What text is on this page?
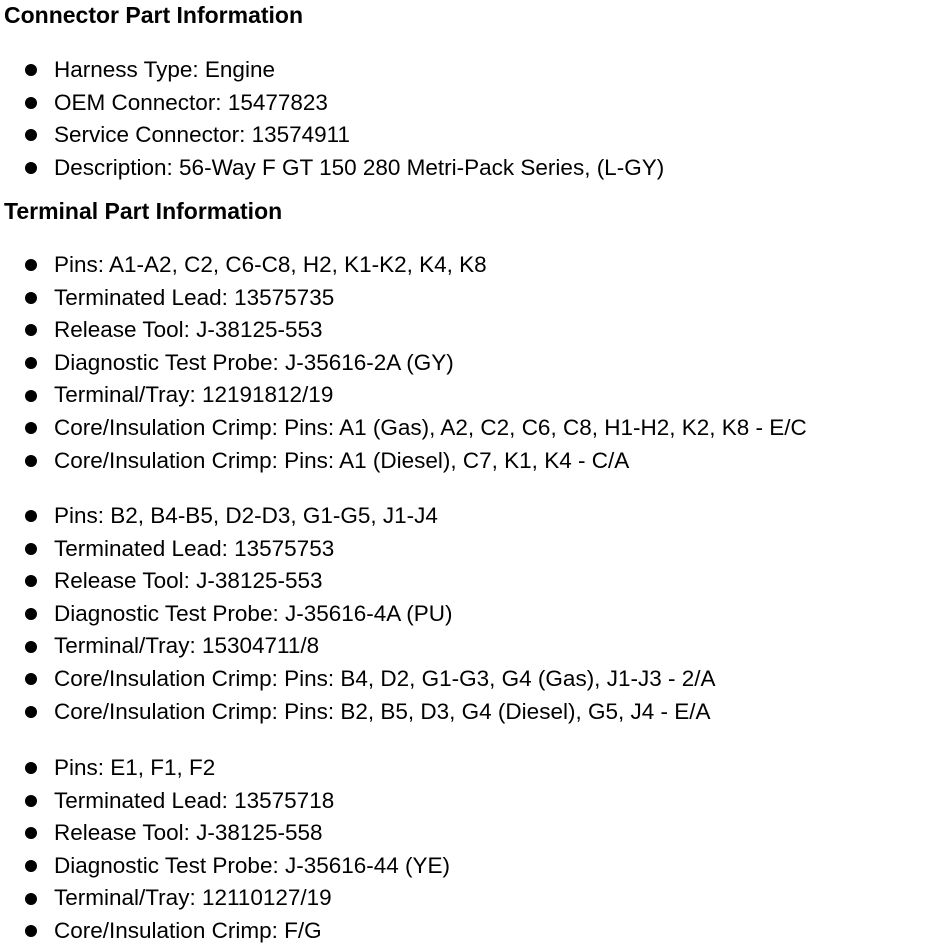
Connector Part Information
Harness Type: Engine
OEM Connector: 15477823
Service Connector: 13574911
Description: 56-Way F GT 150 280 Metri-Pack Series, (L-GY)
Terminal Part Information
Pins: A1-A2, C2, C6-C8, H2, K1-K2, K4, K8
Terminated Lead: 13575735
Release Tool: J-38125-553
Diagnostic Test Probe: J-35616-2A (GY)
Terminal/Tray: 12191812/19
Core/Insulation Crimp: Pins: A1 (Gas), A2, C2, C6, C8, H1-H2, K2, K8 - E/C
Core/Insulation Crimp: Pins: A1 (Diesel), C7, K1, K4 - C/A
Pins: B2, B4-B5, D2-D3, G1-G5, J1-J4
Terminated Lead: 13575753
Release Tool: J-38125-553
Diagnostic Test Probe: J-35616-4A (PU)
Terminal/Tray: 15304711/8
Core/Insulation Crimp: Pins: B4, D2, G1-G3, G4 (Gas), J1-J3 - 2/A
Core/Insulation Crimp: Pins: B2, B5, D3, G4 (Diesel), G5, J4 - E/A
Pins: E1, F1, F2
Terminated Lead: 13575718
Release Tool: J-38125-558
Diagnostic Test Probe: J-35616-44 (YE)
Terminal/Tray: 12110127/19
Core/Insulation Crimp: F/G
